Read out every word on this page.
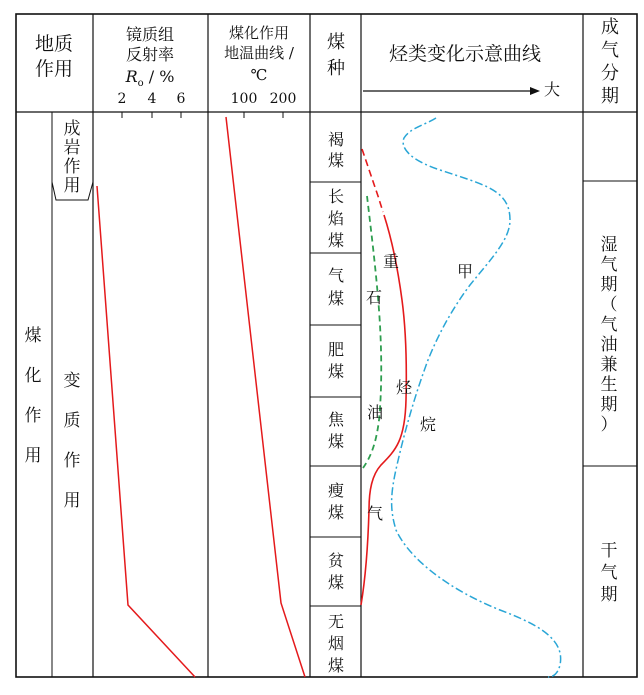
地质
作用
镜质组
反射率
$R_o$ / %
2 4 6
煤化作用
地温曲线 /
℃
100 200
煤
种
烃类变化示意曲线
大
成
气
分
期
成
岩
作
用
煤
化
作
用
变
质
作
用
褐
煤
长
焰
煤
气
煤
肥
煤
焦
煤
瘦
煤
贫
煤
无
烟
煤
重
烃
石
油
甲
烷
气
湿
气
期
（
气
油
兼
生
期
）
干
气
期
